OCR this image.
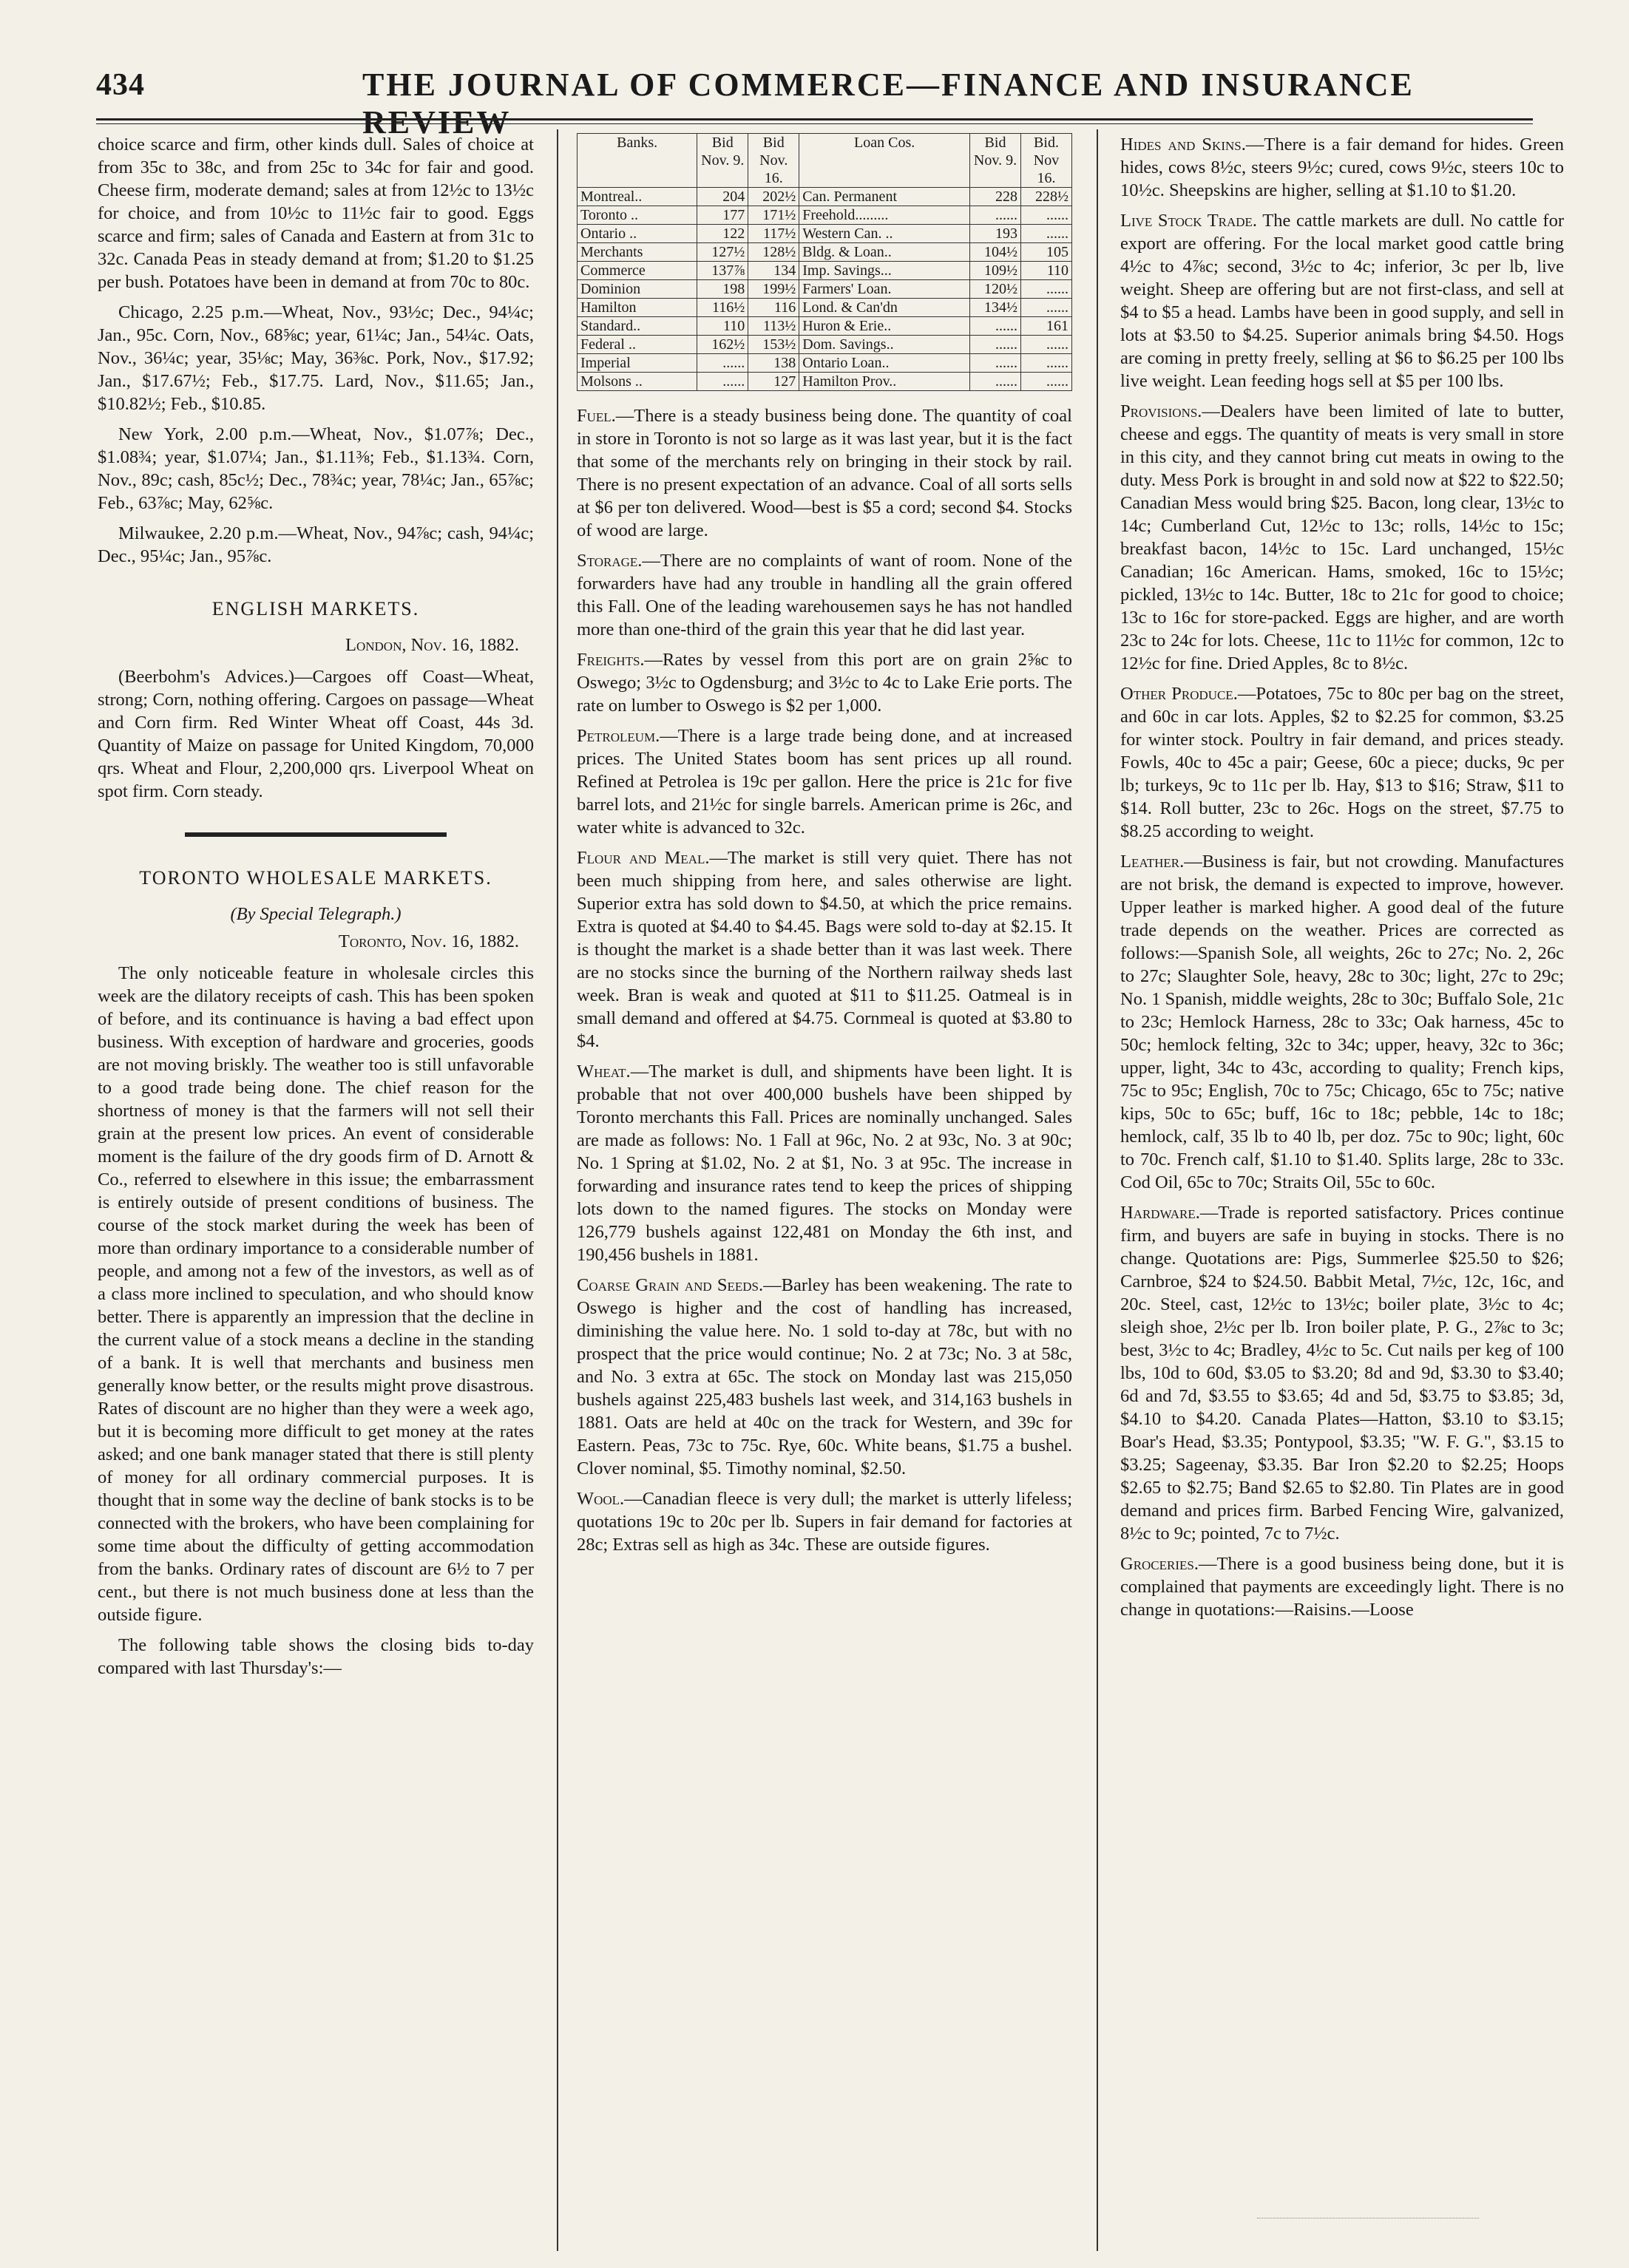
434	THE JOURNAL OF COMMERCE—FINANCE AND INSURANCE REVIEW

choice scarce and firm, other kinds dull. Sales of choice at from 35c to 38c, and from 25c to 34c for fair and good. Cheese firm, moderate demand; sales at from 12½c to 13½c for choice, and from 10½c to 11½c fair to good. Eggs scarce and firm; sales of Canada and Eastern at from 31c to 32c. Canada Peas in steady demand at from; $1.20 to $1.25 per bush. Potatoes have been in demand at from 70c to 80c.

Chicago, 2.25 p.m.—Wheat, Nov., 93½c; Dec., 94¼c; Jan., 95c. Corn, Nov., 68⅝c; year, 61¼c; Jan., 54¼c. Oats, Nov., 36¼c; year, 35⅛c; May, 36⅜c. Pork, Nov., $17.92; Jan., $17.67½; Feb., $17.75. Lard, Nov., $11.65; Jan., $10.82½; Feb., $10.85.

New York, 2.00 p.m.—Wheat, Nov., $1.07⅞; Dec., $1.08¾; year, $1.07¼; Jan., $1.11⅜; Feb., $1.13¾. Corn, Nov., 89c; cash, 85c½; Dec., 78¾c; year, 78¼c; Jan., 65⅞c; Feb., 63⅞c; May, 62⅝c.

Milwaukee, 2.20 p.m.—Wheat, Nov., 94⅞c; cash, 94¼c; Dec., 95¼c; Jan., 95⅞c.

ENGLISH MARKETS.
London, Nov. 16, 1882.

(Beerbohm's Advices.)—Cargoes off Coast—Wheat, strong; Corn, nothing offering. Cargoes on passage—Wheat and Corn firm. Red Winter Wheat off Coast, 44s 3d. Quantity of Maize on passage for United Kingdom, 70,000 qrs. Wheat and Flour, 2,200,000 qrs. Liverpool Wheat on spot firm. Corn steady.

TORONTO WHOLESALE MARKETS.
(By Special Telegraph.)
Toronto, Nov. 16, 1882.

The only noticeable feature in wholesale circles this week are the dilatory receipts of cash. This has been spoken of before, and its continuance is having a bad effect upon business. With exception of hardware and groceries, goods are not moving briskly. The weather too is still unfavorable to a good trade being done. The chief reason for the shortness of money is that the farmers will not sell their grain at the present low prices. An event of considerable moment is the failure of the dry goods firm of D. Arnott & Co., referred to elsewhere in this issue; the embarrassment is entirely outside of present conditions of business. The course of the stock market during the week has been of more than ordinary importance to a considerable number of people, and among not a few of the investors, as well as of a class more inclined to speculation, and who should know better. There is apparently an impression that the decline in the current value of a stock means a decline in the standing of a bank. It is well that merchants and business men generally know better, or the results might prove disastrous. Rates of discount are no higher than they were a week ago, but it is becoming more difficult to get money at the rates asked; and one bank manager stated that there is still plenty of money for all ordinary commercial purposes. It is thought that in some way the decline of bank stocks is to be connected with the brokers, who have been complaining for some time about the difficulty of getting accommodation from the banks. Ordinary rates of discount are 6½ to 7 per cent., but there is not much business done at less than the outside figure.

The following table shows the closing bids to-day compared with last Thursday's:—

Banks.	Bid Nov. 9.	Bid Nov. 16.	Loan Cos.	Bid Nov. 9.	Bid. Nov 16.
Montreal..	204	202½	Can. Permanent	228	228½
Toronto ..	177	171½	Freehold.........	......	......
Ontario ..	122	117½	Western Can. ..	193	......
Merchants	127½	128½	Bldg. & Loan..	104½	105
Commerce	137⅞	134	Imp. Savings...	109½	110
Dominion	198	199½	Farmers' Loan.	120½	......
Hamilton	116½	116	Lond. & Can'dn	134½	......
Standard..	110	113½	Huron & Erie..	......	161
Federal ..	162½	153½	Dom. Savings..	......	......
Imperial	......	138	Ontario Loan..	......	......
Molsons ..	......	127	Hamilton Prov..	......	......

Fuel.—There is a steady business being done. The quantity of coal in store in Toronto is not so large as it was last year, but it is the fact that some of the merchants rely on bringing in their stock by rail. There is no present expectation of an advance. Coal of all sorts sells at $6 per ton delivered. Wood—best is $5 a cord; second $4. Stocks of wood are large.

Storage.—There are no complaints of want of room. None of the forwarders have had any trouble in handling all the grain offered this Fall. One of the leading warehousemen says he has not handled more than one-third of the grain this year that he did last year.

Freights.—Rates by vessel from this port are on grain 2⅝c to Oswego; 3½c to Ogdensburg; and 3½c to 4c to Lake Erie ports. The rate on lumber to Oswego is $2 per 1,000.

Petroleum.—There is a large trade being done, and at increased prices. The United States boom has sent prices up all round. Refined at Petrolea is 19c per gallon. Here the price is 21c for five barrel lots, and 21½c for single barrels. American prime is 26c, and water white is advanced to 32c.

Flour and Meal.—The market is still very quiet. There has not been much shipping from here, and sales otherwise are light. Superior extra has sold down to $4.50, at which the price remains. Extra is quoted at $4.40 to $4.45. Bags were sold to-day at $2.15. It is thought the market is a shade better than it was last week. There are no stocks since the burning of the Northern railway sheds last week. Bran is weak and quoted at $11 to $11.25. Oatmeal is in small demand and offered at $4.75. Cornmeal is quoted at $3.80 to $4.

Wheat.—The market is dull, and shipments have been light. It is probable that not over 400,000 bushels have been shipped by Toronto merchants this Fall. Prices are nominally unchanged. Sales are made as follows: No. 1 Fall at 96c, No. 2 at 93c, No. 3 at 90c; No. 1 Spring at $1.02, No. 2 at $1, No. 3 at 95c. The increase in forwarding and insurance rates tend to keep the prices of shipping lots down to the named figures. The stocks on Monday were 126,779 bushels against 122,481 on Monday the 6th inst, and 190,456 bushels in 1881.

Coarse Grain and Seeds.—Barley has been weakening. The rate to Oswego is higher and the cost of handling has increased, diminishing the value here. No. 1 sold to-day at 78c, but with no prospect that the price would continue; No. 2 at 73c; No. 3 at 58c, and No. 3 extra at 65c. The stock on Monday last was 215,050 bushels against 225,483 bushels last week, and 314,163 bushels in 1881. Oats are held at 40c on the track for Western, and 39c for Eastern. Peas, 73c to 75c. Rye, 60c. White beans, $1.75 a bushel. Clover nominal, $5. Timothy nominal, $2.50.

Wool.—Canadian fleece is very dull; the market is utterly lifeless; quotations 19c to 20c per lb. Supers in fair demand for factories at 28c; Extras sell as high as 34c. These are outside figures.

Hides and Skins.—There is a fair demand for hides. Green hides, cows 8½c, steers 9½c; cured, cows 9½c, steers 10c to 10½c. Sheepskins are higher, selling at $1.10 to $1.20.

Live Stock Trade. The cattle markets are dull. No cattle for export are offering. For the local market good cattle bring 4½c to 4⅞c; second, 3½c to 4c; inferior, 3c per lb, live weight. Sheep are offering but are not first-class, and sell at $4 to $5 a head. Lambs have been in good supply, and sell in lots at $3.50 to $4.25. Superior animals bring $4.50. Hogs are coming in pretty freely, selling at $6 to $6.25 per 100 lbs live weight. Lean feeding hogs sell at $5 per 100 lbs.

Provisions.—Dealers have been limited of late to butter, cheese and eggs. The quantity of meats is very small in store in this city, and they cannot bring cut meats in owing to the duty. Mess Pork is brought in and sold now at $22 to $22.50; Canadian Mess would bring $25. Bacon, long clear, 13½c to 14c; Cumberland Cut, 12½c to 13c; rolls, 14½c to 15c; breakfast bacon, 14½c to 15c. Lard unchanged, 15½c Canadian; 16c American. Hams, smoked, 16c to 15½c; pickled, 13½c to 14c. Butter, 18c to 21c for good to choice; 13c to 16c for store-packed. Eggs are higher, and are worth 23c to 24c for lots. Cheese, 11c to 11½c for common, 12c to 12½c for fine. Dried Apples, 8c to 8½c.

Other Produce.—Potatoes, 75c to 80c per bag on the street, and 60c in car lots. Apples, $2 to $2.25 for common, $3.25 for winter stock. Poultry in fair demand, and prices steady. Fowls, 40c to 45c a pair; Geese, 60c a piece; ducks, 9c per lb; turkeys, 9c to 11c per lb. Hay, $13 to $16; Straw, $11 to $14. Roll butter, 23c to 26c. Hogs on the street, $7.75 to $8.25 according to weight.

Leather.—Business is fair, but not crowding. Manufactures are not brisk, the demand is expected to improve, however. Upper leather is marked higher. A good deal of the future trade depends on the weather. Prices are corrected as follows:—Spanish Sole, all weights, 26c to 27c; No. 2, 26c to 27c; Slaughter Sole, heavy, 28c to 30c; light, 27c to 29c; No. 1 Spanish, middle weights, 28c to 30c; Buffalo Sole, 21c to 23c; Hemlock Harness, 28c to 33c; Oak harness, 45c to 50c; hemlock felting, 32c to 34c; upper, heavy, 32c to 36c; upper, light, 34c to 43c, according to quality; French kips, 75c to 95c; English, 70c to 75c; Chicago, 65c to 75c; native kips, 50c to 65c; buff, 16c to 18c; pebble, 14c to 18c; hemlock, calf, 35 lb to 40 lb, per doz. 75c to 90c; light, 60c to 70c. French calf, $1.10 to $1.40. Splits large, 28c to 33c. Cod Oil, 65c to 70c; Straits Oil, 55c to 60c.

Hardware.—Trade is reported satisfactory. Prices continue firm, and buyers are safe in buying in stocks. There is no change. Quotations are: Pigs, Summerlee $25.50 to $26; Carnbroe, $24 to $24.50. Babbit Metal, 7½c, 12c, 16c, and 20c. Steel, cast, 12½c to 13½c; boiler plate, 3½c to 4c; sleigh shoe, 2½c per lb. Iron boiler plate, P. G., 2⅞c to 3c; best, 3½c to 4c; Bradley, 4½c to 5c. Cut nails per keg of 100 lbs, 10d to 60d, $3.05 to $3.20; 8d and 9d, $3.30 to $3.40; 6d and 7d, $3.55 to $3.65; 4d and 5d, $3.75 to $3.85; 3d, $4.10 to $4.20. Canada Plates—Hatton, $3.10 to $3.15; Boar's Head, $3.35; Pontypool, $3.35; "W. F. G.", $3.15 to $3.25; Sageenay, $3.35. Bar Iron $2.20 to $2.25; Hoops $2.65 to $2.75; Band $2.65 to $2.80. Tin Plates are in good demand and prices firm. Barbed Fencing Wire, galvanized, 8½c to 9c; pointed, 7c to 7½c.

Groceries.—There is a good business being done, but it is complained that payments are exceedingly light. There is no change in quotations:—Raisins.—Loose
